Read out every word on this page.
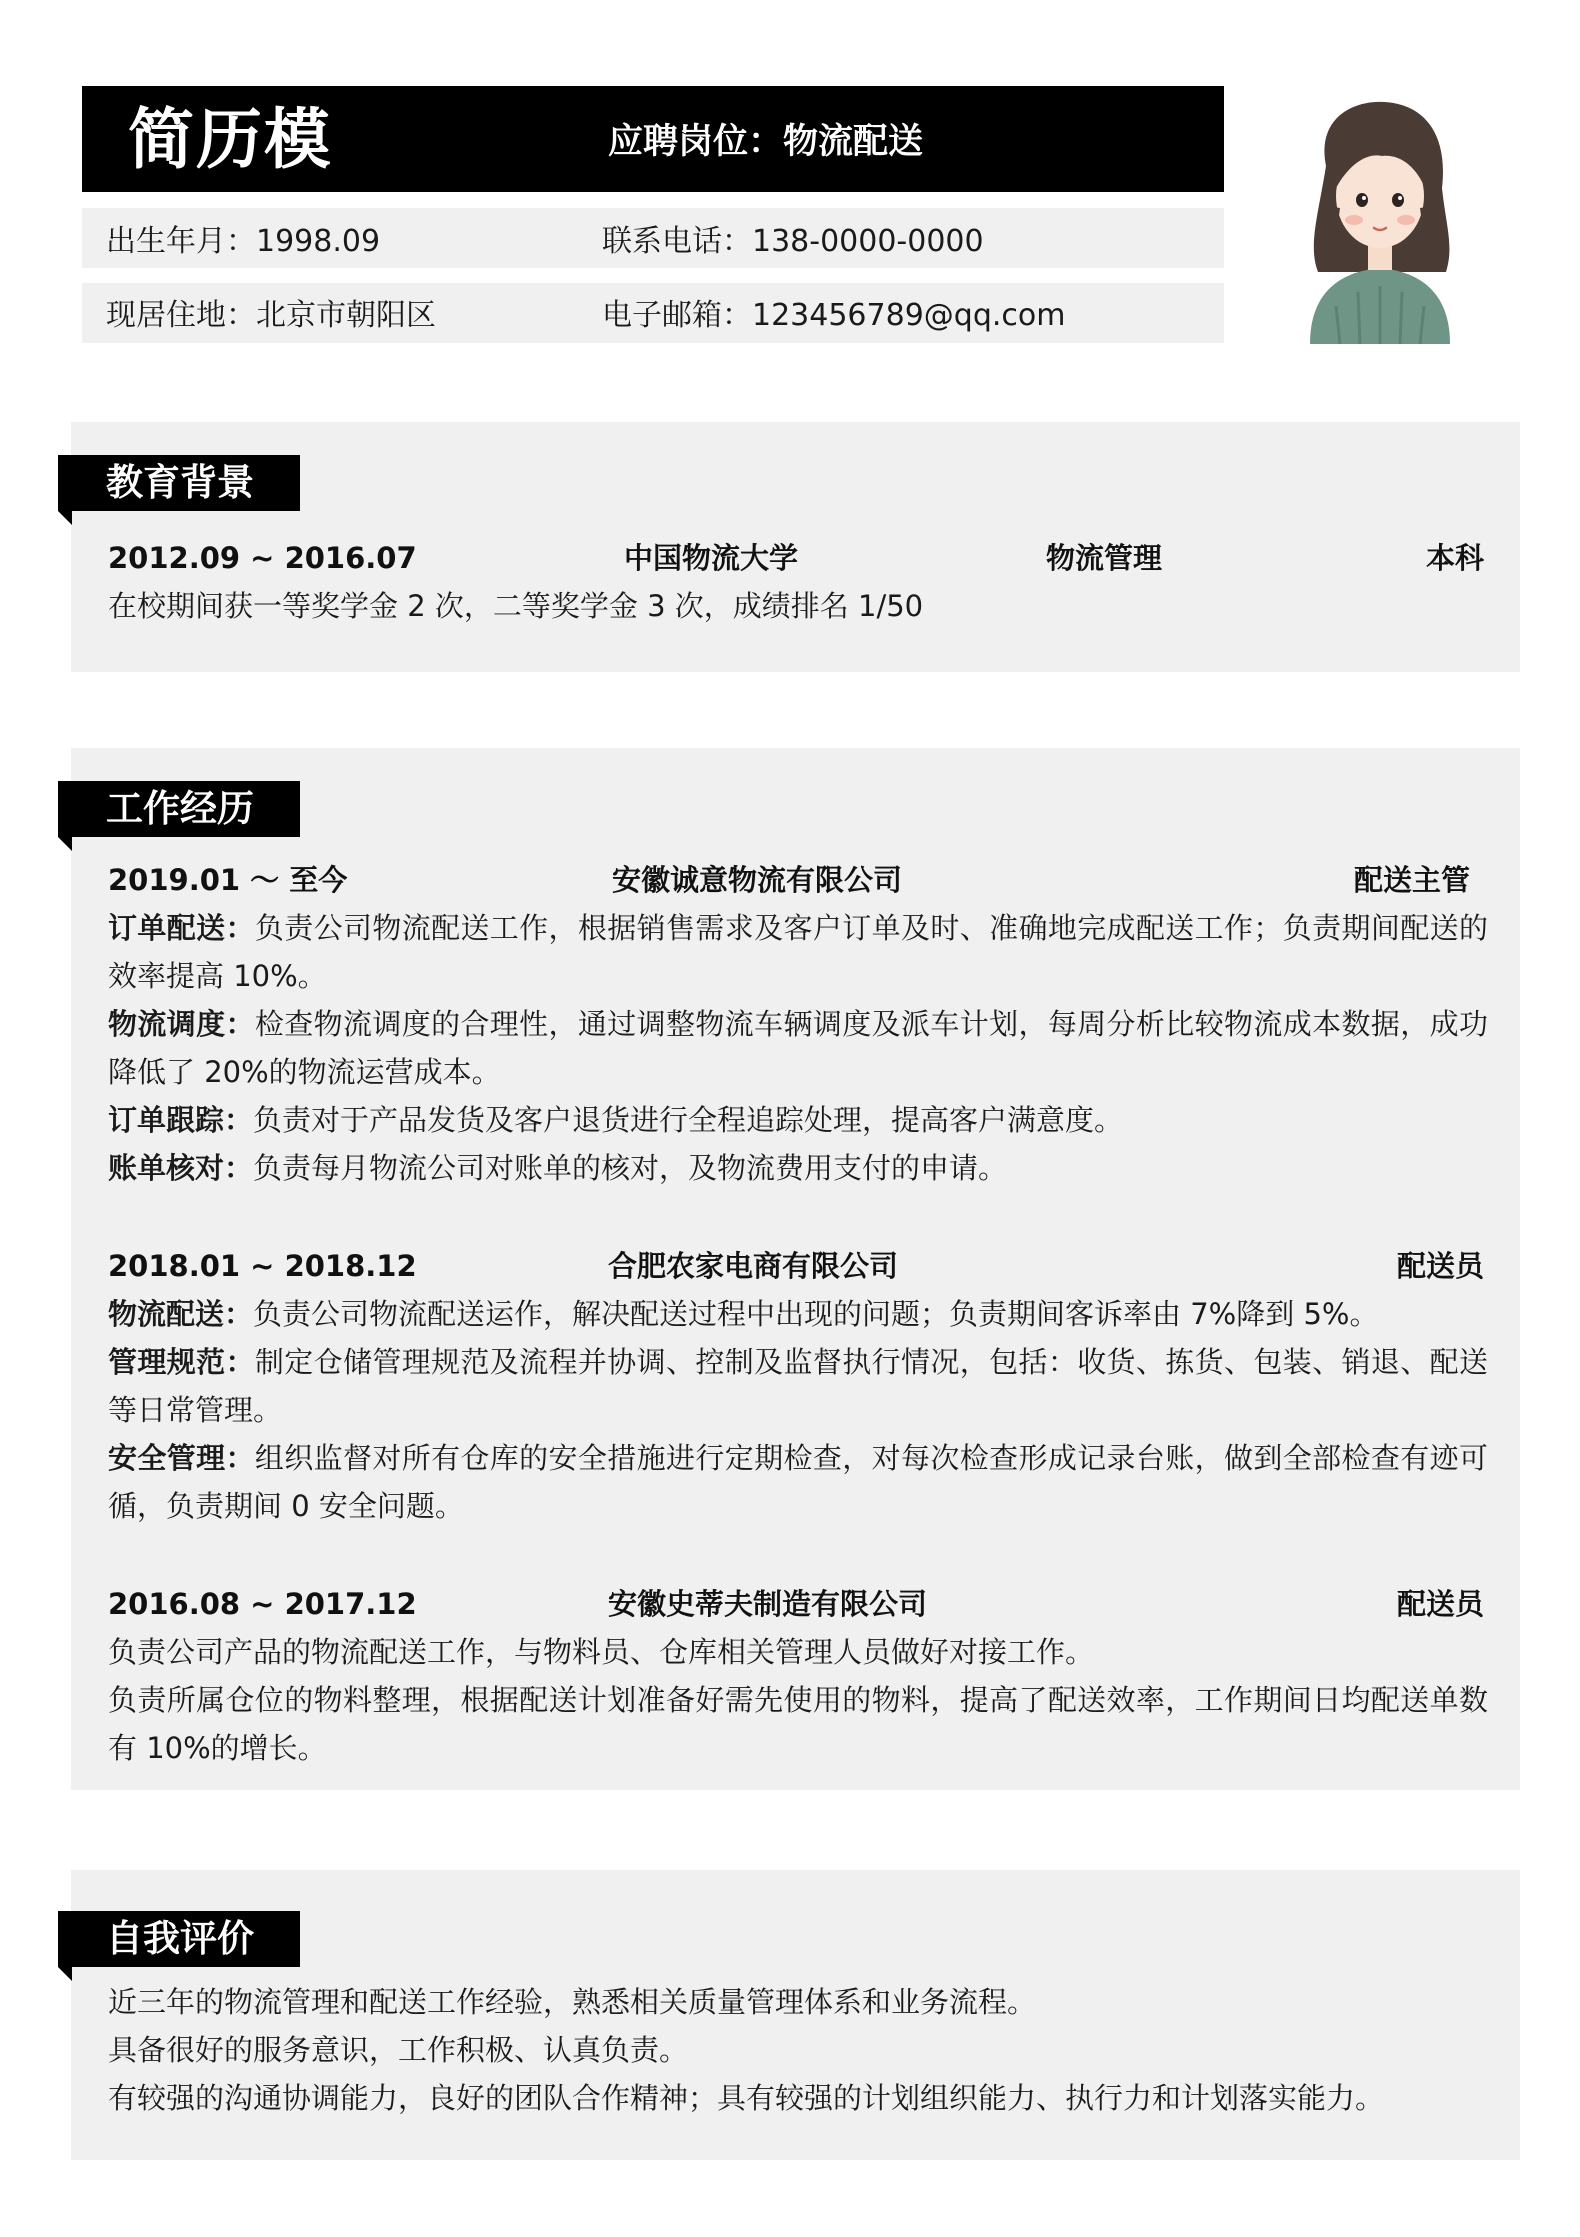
简历模	应聘岗位：物流配送
出生年月：1998.09	联系电话：138-0000-0000
现居住地：北京市朝阳区	电子邮箱：123456789@qq.com
教育背景
2012.09 ~ 2016.07	中国物流大学	物流管理	本科
在校期间获一等奖学金 2 次，二等奖学金 3 次，成绩排名 1/50
工作经历
2019.01 ～ 至今	安徽诚意物流有限公司	配送主管

订单配送：负责公司物流配送工作，根据销售需求及客户订单及时、准确地完成配送工作；负责期间配送的效率提高 10%。

物流调度：检查物流调度的合理性，通过调整物流车辆调度及派车计划，每周分析比较物流成本数据，成功降低了 20%的物流运营成本。

订单跟踪：负责对于产品发货及客户退货进行全程追踪处理，提高客户满意度。

账单核对：负责每月物流公司对账单的核对，及物流费用支付的申请。

2018.01 ~ 2018.12	合肥农家电商有限公司	配送员

物流配送：负责公司物流配送运作，解决配送过程中出现的问题；负责期间客诉率由 7%降到 5%。

管理规范：制定仓储管理规范及流程并协调、控制及监督执行情况，包括：收货、拣货、包装、销退、配送等日常管理。

安全管理：组织监督对所有仓库的安全措施进行定期检查，对每次检查形成记录台账，做到全部检查有迹可循，负责期间 0 安全问题。

2016.08 ~ 2017.12	安徽史蒂夫制造有限公司	配送员

负责公司产品的物流配送工作，与物料员、仓库相关管理人员做好对接工作。

负责所属仓位的物料整理，根据配送计划准备好需先使用的物料，提高了配送效率，工作期间日均配送单数有 10%的增长。

自我评价

近三年的物流管理和配送工作经验，熟悉相关质量管理体系和业务流程。

具备很好的服务意识，工作积极、认真负责。

有较强的沟通协调能力，良好的团队合作精神；具有较强的计划组织能力、执行力和计划落实能力。
